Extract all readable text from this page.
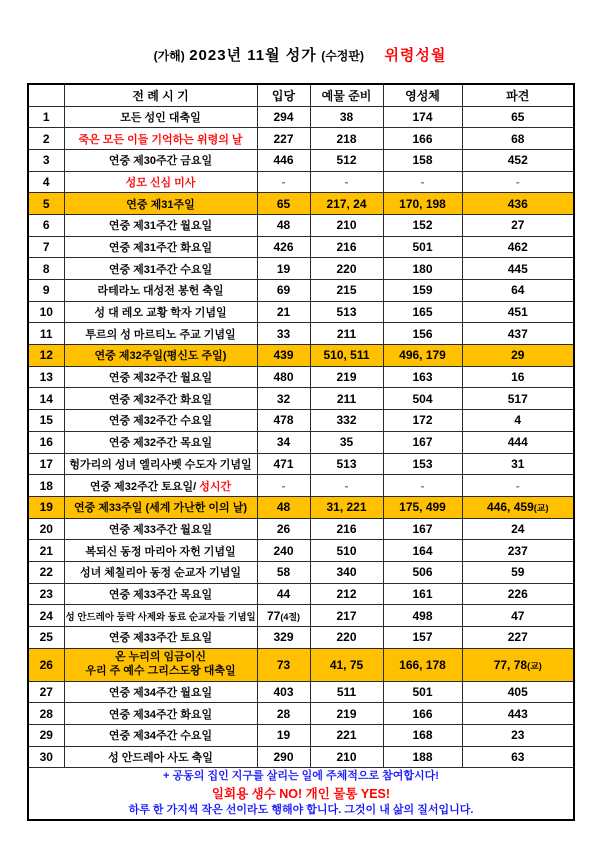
(가해) 2023년 11월 성가 (수정판) 위령성월
	전 례 시 기	입당	예물 준비	영성체	파견
1	모든 성인 대축일	294	38	174	65
2	죽은 모든 이들 기억하는 위령의 날	227	218	166	68
3	연중 제30주간 금요일	446	512	158	452
4	성모 신심 미사	-	-	-	-
5	연중 제31주일	65	217, 24	170, 198	436
6	연중 제31주간 월요일	48	210	152	27
7	연중 제31주간 화요일	426	216	501	462
8	연중 제31주간 수요일	19	220	180	445
9	라테라노 대성전 봉헌 축일	69	215	159	64
10	성 대 레오 교황 학자 기념일	21	513	165	451
11	투르의 성 마르티노 주교 기념일	33	211	156	437
12	연중 제32주일(평신도 주일)	439	510, 511	496, 179	29
13	연중 제32주간 월요일	480	219	163	16
14	연중 제32주간 화요일	32	211	504	517
15	연중 제32주간 수요일	478	332	172	4
16	연중 제32주간 목요일	34	35	167	444
17	헝가리의 성녀 엘리사벳 수도자 기념일	471	513	153	31
18	연중 제32주간 토요일/ 성시간	-	-	-	-
19	연중 제33주일 (세계 가난한 이의 날)	48	31, 221	175, 499	446, 459(교)
20	연중 제33주간 월요일	26	216	167	24
21	복되신 동정 마리아 자헌 기념일	240	510	164	237
22	성녀 체칠리아 동정 순교자 기념일	58	340	506	59
23	연중 제33주간 목요일	44	212	161	226
24	성 안드레아 둥락 사제와 동료 순교자들 기념일	77(4절)	217	498	47
25	연중 제33주간 토요일	329	220	157	227
26	온 누리의 임금이신
우리 주 예수 그리스도왕 대축일	73	41, 75	166, 178	77, 78(교)
27	연중 제34주간 월요일	403	511	501	405
28	연중 제34주간 화요일	28	219	166	443
29	연중 제34주간 수요일	19	221	168	23
30	성 안드레아 사도 축일	290	210	188	63

+ 공동의 집인 지구를 살리는 일에 주체적으로 참여합시다!
일회용 생수 NO! 개인 물통 YES!
하루 한 가지씩 작은 선이라도 행해야 합니다. 그것이 내 삶의 질서입니다.					
